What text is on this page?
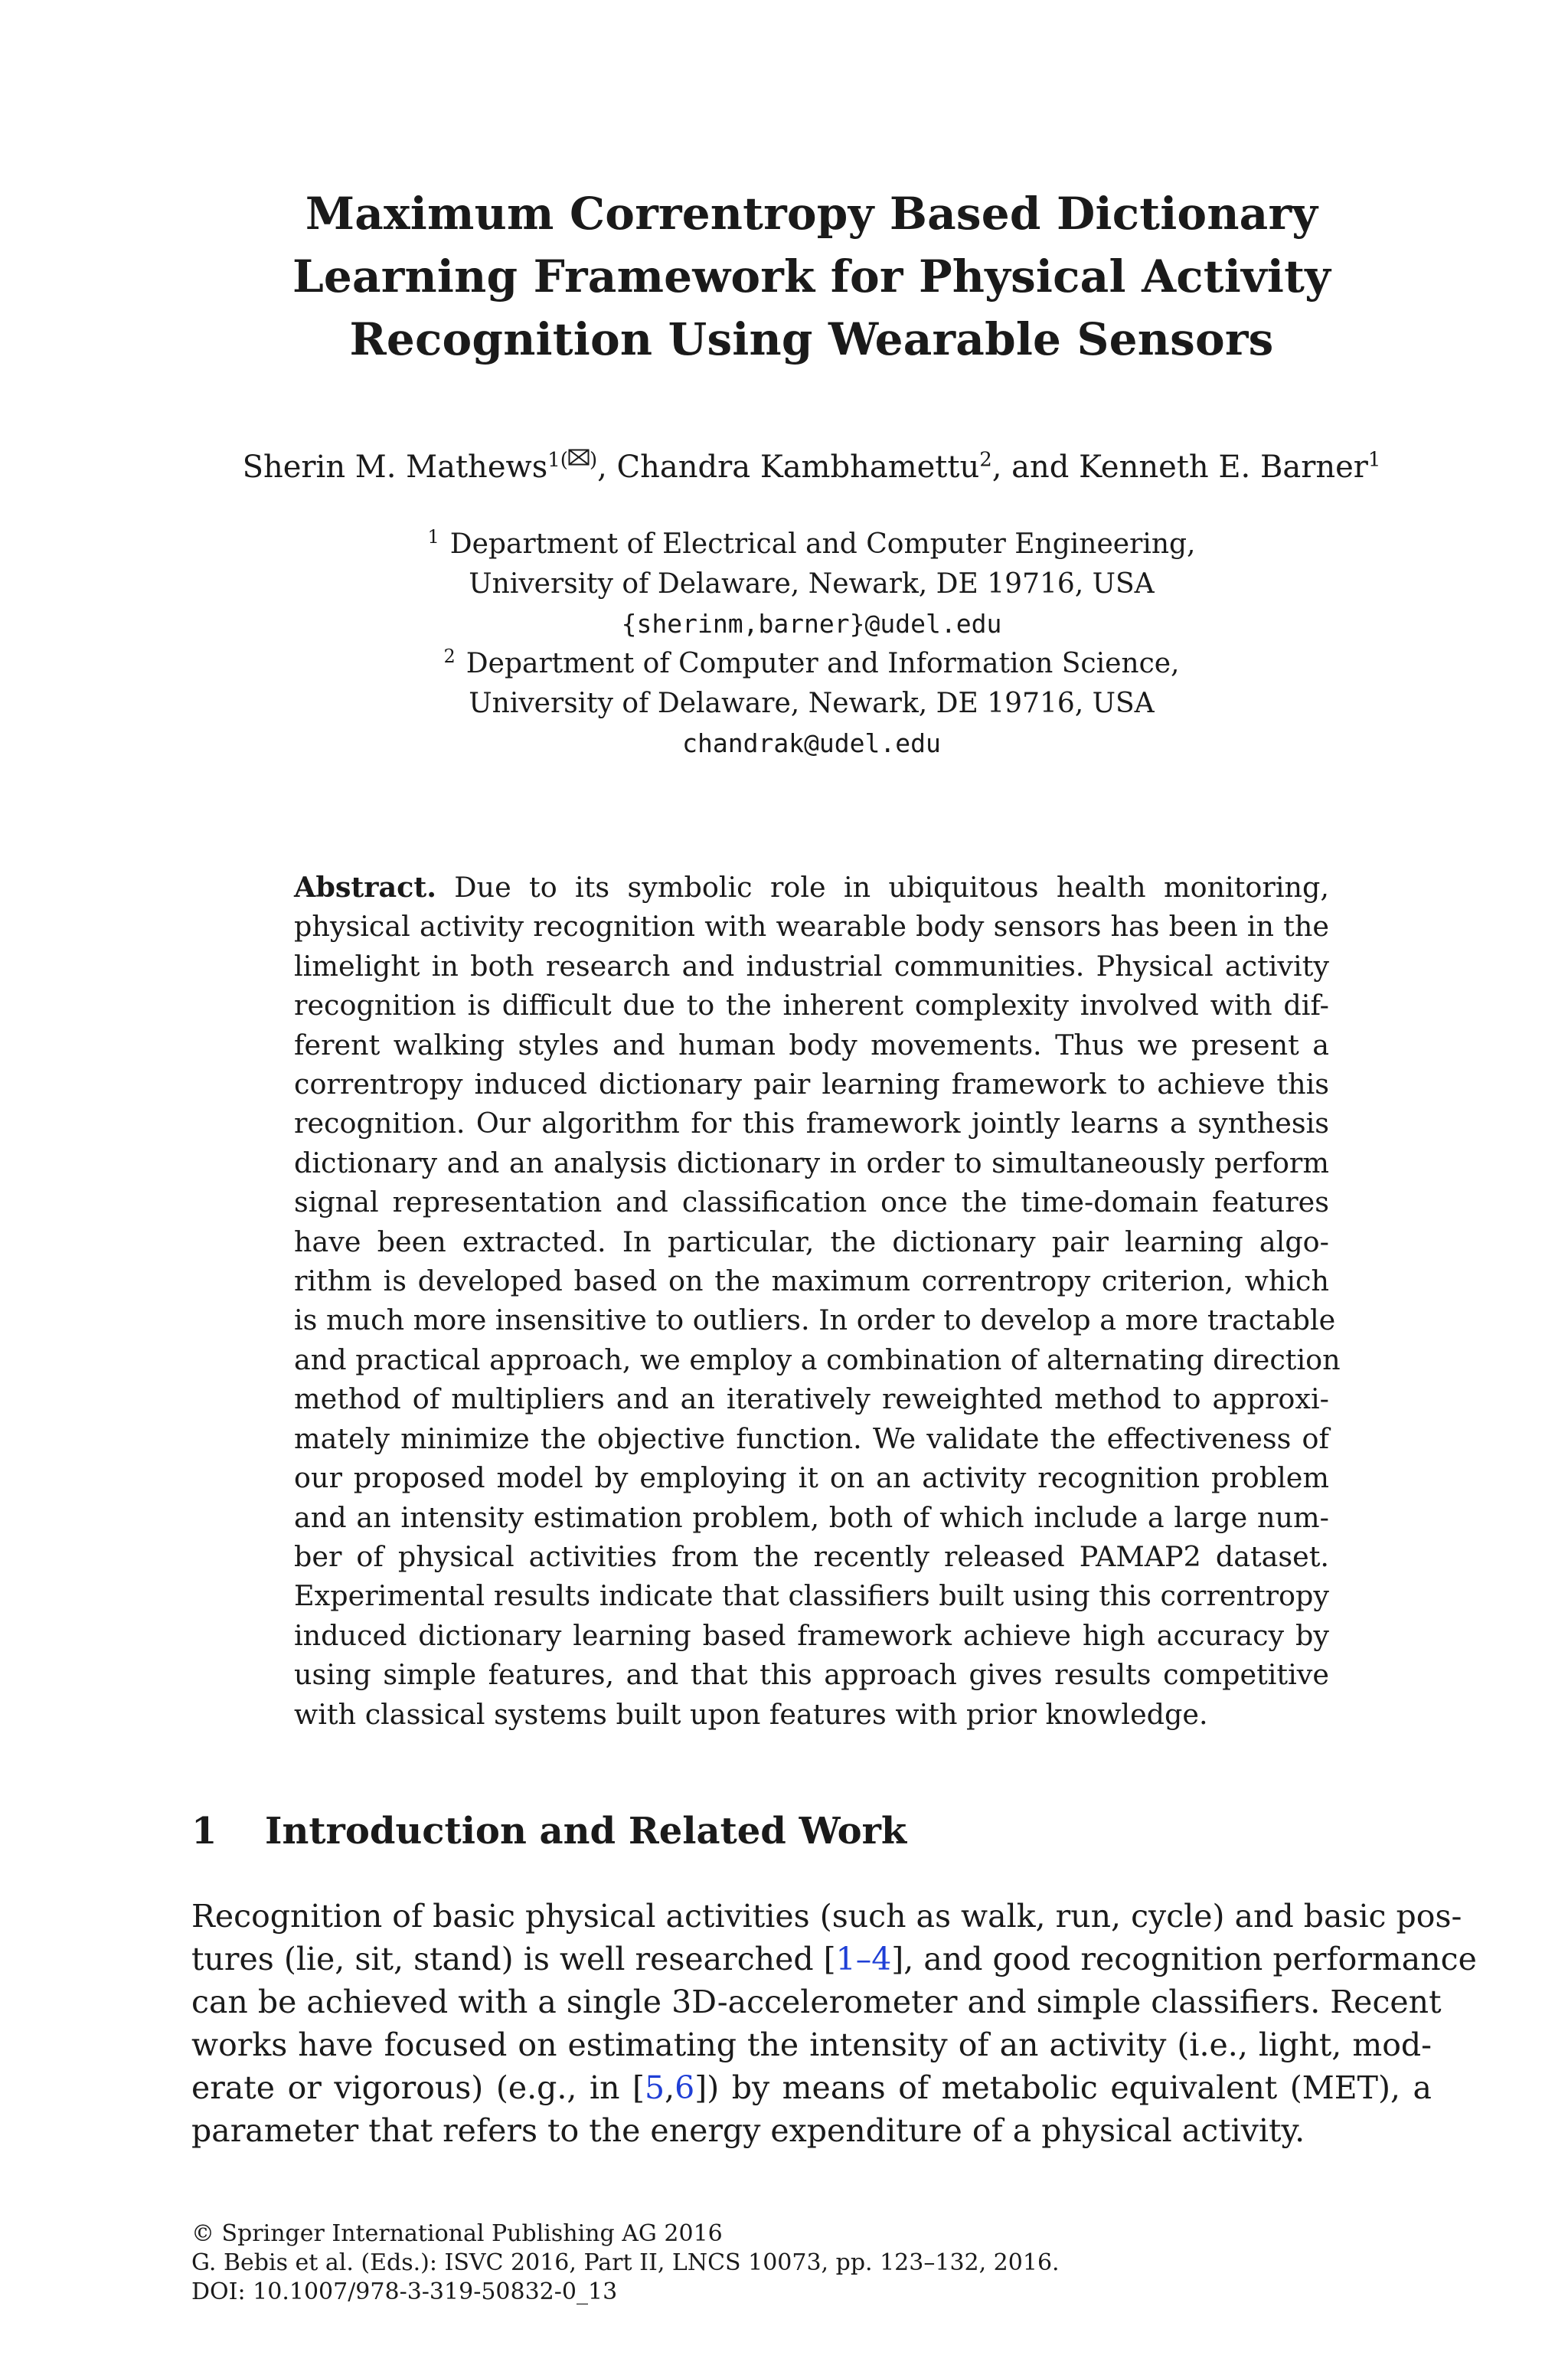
Maximum Correntropy Based Dictionary
Learning Framework for Physical Activity
Recognition Using Wearable Sensors
Sherin M. Mathews$^{1( )}$, Chandra Kambhamettu$^2$, and Kenneth E. Barner$^1$
$^1$ Department of Electrical and Computer Engineering,
University of Delaware, Newark, DE 19716, USA
{sherinm,barner}@udel.edu
$^2$ Department of Computer and Information Science,
University of Delaware, Newark, DE 19716, USA
chandrak@udel.edu
Abstract. Due to its symbolic role in ubiquitous health monitoring,
physical activity recognition with wearable body sensors has been in the
limelight in both research and industrial communities. Physical activity
recognition is difficult due to the inherent complexity involved with dif-
ferent walking styles and human body movements. Thus we present a
correntropy induced dictionary pair learning framework to achieve this
recognition. Our algorithm for this framework jointly learns a synthesis
dictionary and an analysis dictionary in order to simultaneously perform
signal representation and classification once the time-domain features
have been extracted. In particular, the dictionary pair learning algo-
rithm is developed based on the maximum correntropy criterion, which
is much more insensitive to outliers. In order to develop a more tractable
and practical approach, we employ a combination of alternating direction
method of multipliers and an iteratively reweighted method to approxi-
mately minimize the objective function. We validate the effectiveness of
our proposed model by employing it on an activity recognition problem
and an intensity estimation problem, both of which include a large num-
ber of physical activities from the recently released PAMAP2 dataset.
Experimental results indicate that classifiers built using this correntropy
induced dictionary learning based framework achieve high accuracy by
using simple features, and that this approach gives results competitive
with classical systems built upon features with prior knowledge.
1 Introduction and Related Work
Recognition of basic physical activities (such as walk, run, cycle) and basic pos-
tures (lie, sit, stand) is well researched [1–4], and good recognition performance
can be achieved with a single 3D-accelerometer and simple classifiers. Recent
works have focused on estimating the intensity of an activity (i.e., light, mod-
erate or vigorous) (e.g., in [5,6]) by means of metabolic equivalent (MET), a
parameter that refers to the energy expenditure of a physical activity.
© Springer International Publishing AG 2016
G. Bebis et al. (Eds.): ISVC 2016, Part II, LNCS 10073, pp. 123–132, 2016.
DOI: 10.1007/978-3-319-50832-0_13
